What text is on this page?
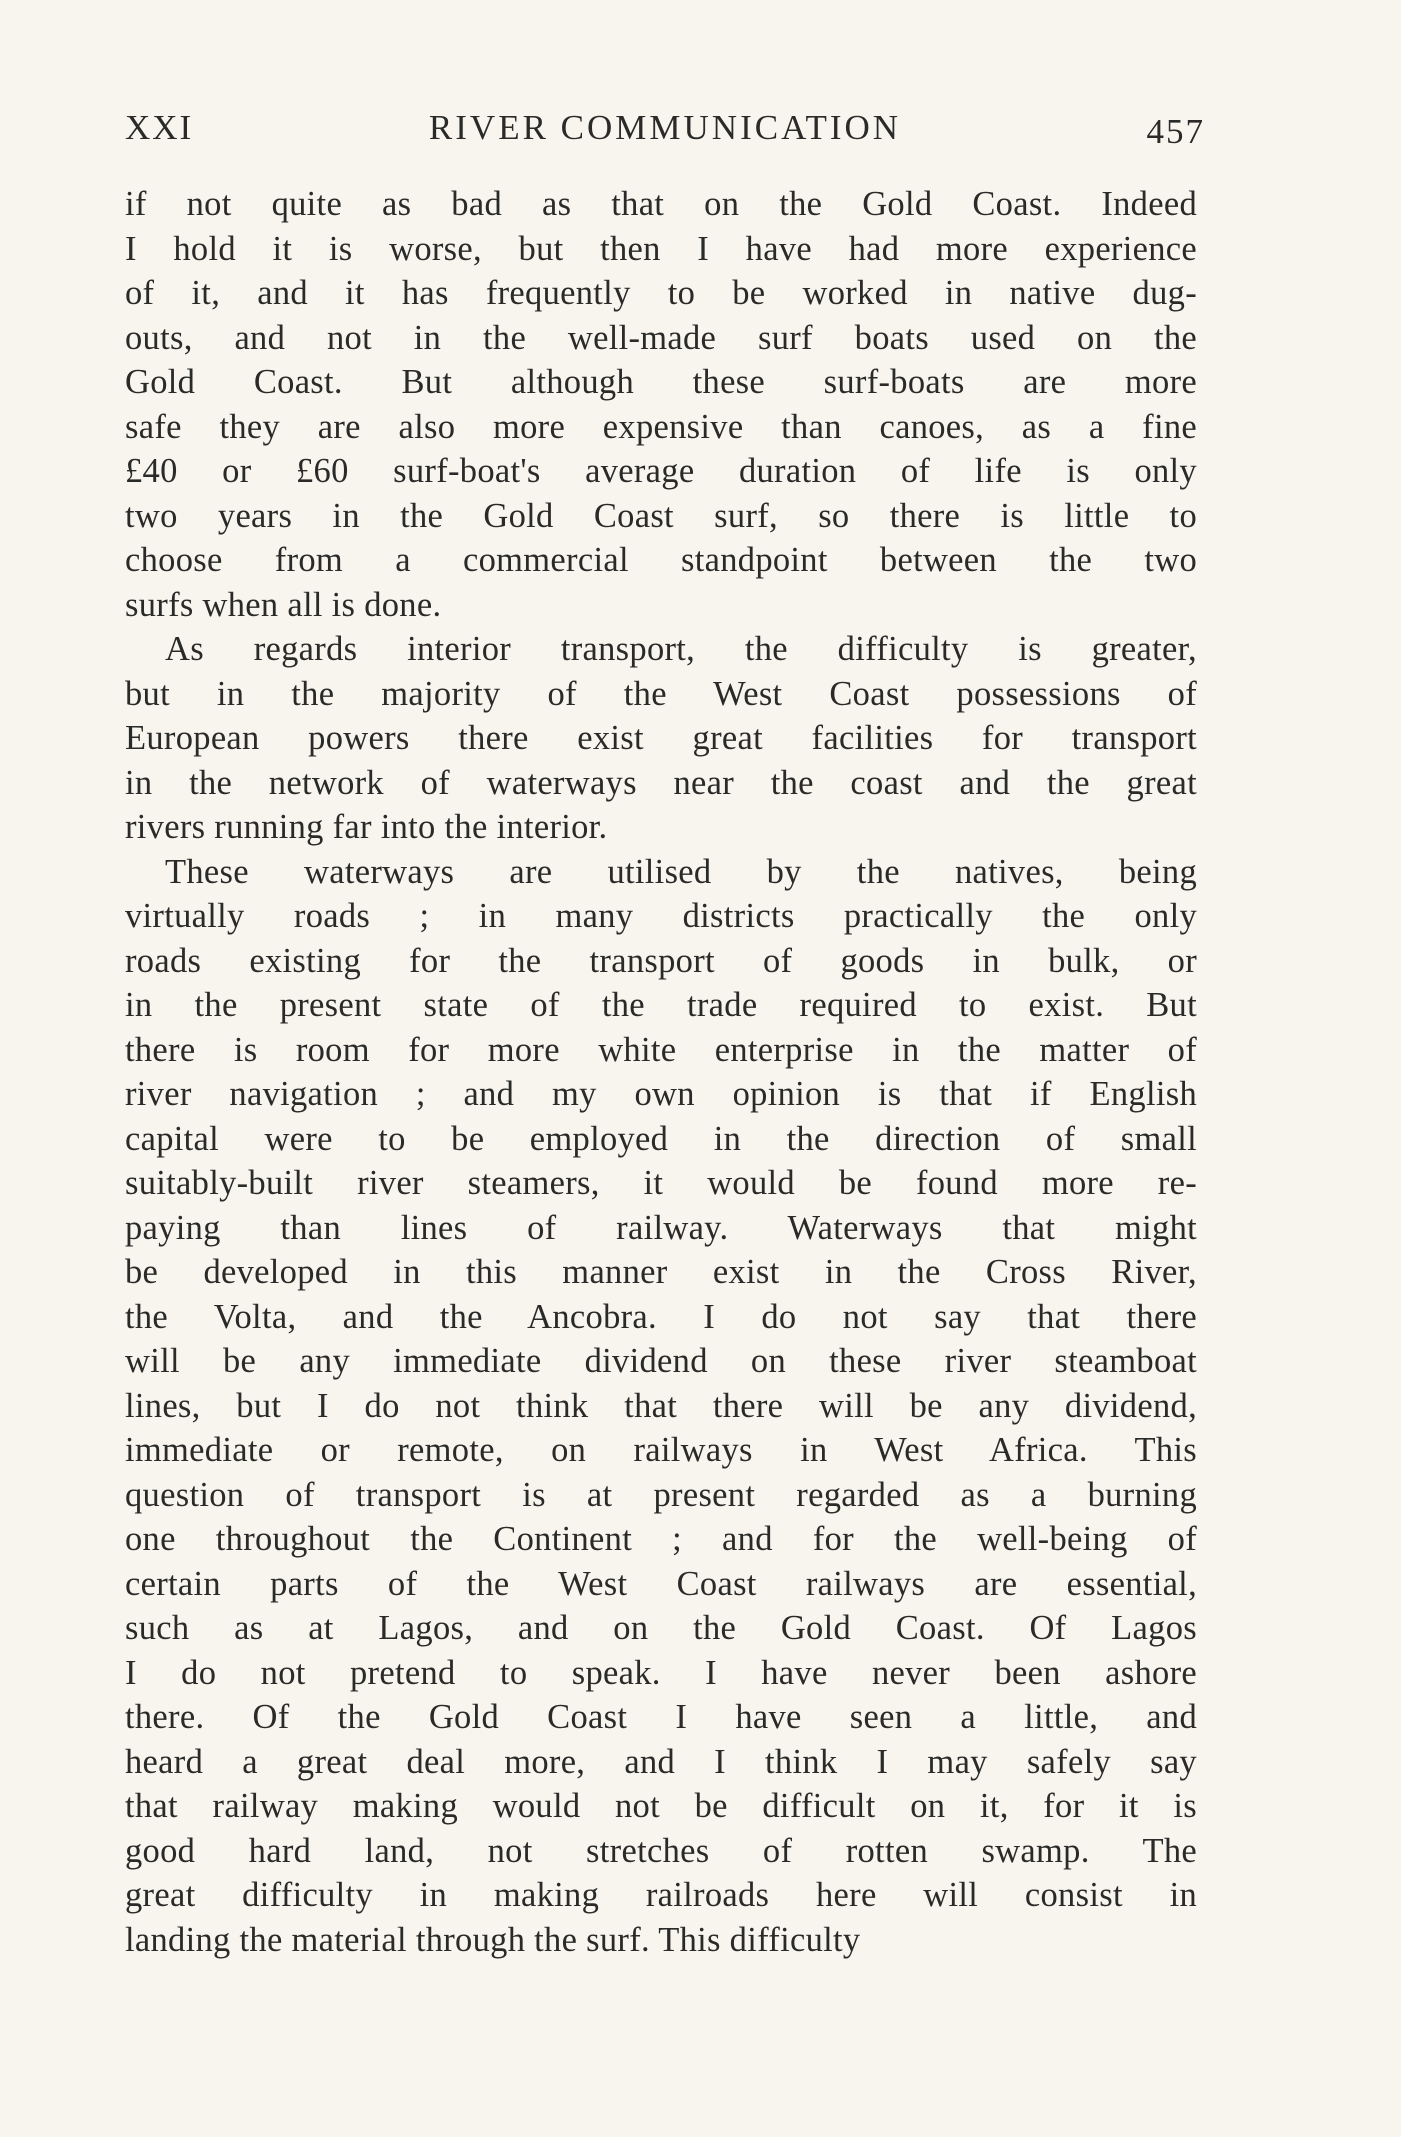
XXI	RIVER COMMUNICATION	457
if not quite as bad as that on the Gold Coast. Indeed
I hold it is worse, but then I have had more experience
of it, and it has frequently to be worked in native dug-
outs, and not in the well-made surf boats used on the
Gold Coast. But although these surf-boats are more
safe they are also more expensive than canoes, as a fine
£40 or £60 surf-boat's average duration of life is only
two years in the Gold Coast surf, so there is little to
choose from a commercial standpoint between the two
surfs when all is done.
As regards interior transport, the difficulty is greater,
but in the majority of the West Coast possessions of
European powers there exist great facilities for transport
in the network of waterways near the coast and the great
rivers running far into the interior.
These waterways are utilised by the natives, being
virtually roads ; in many districts practically the only
roads existing for the transport of goods in bulk, or
in the present state of the trade required to exist. But
there is room for more white enterprise in the matter of
river navigation ; and my own opinion is that if English
capital were to be employed in the direction of small
suitably-built river steamers, it would be found more re-
paying than lines of railway. Waterways that might
be developed in this manner exist in the Cross River,
the Volta, and the Ancobra. I do not say that there
will be any immediate dividend on these river steamboat
lines, but I do not think that there will be any dividend,
immediate or remote, on railways in West Africa. This
question of transport is at present regarded as a burning
one throughout the Continent ; and for the well-being of
certain parts of the West Coast railways are essential,
such as at Lagos, and on the Gold Coast. Of Lagos
I do not pretend to speak. I have never been ashore
there. Of the Gold Coast I have seen a little, and
heard a great deal more, and I think I may safely say
that railway making would not be difficult on it, for it is
good hard land, not stretches of rotten swamp. The
great difficulty in making railroads here will consist in
landing the material through the surf. This difficulty
